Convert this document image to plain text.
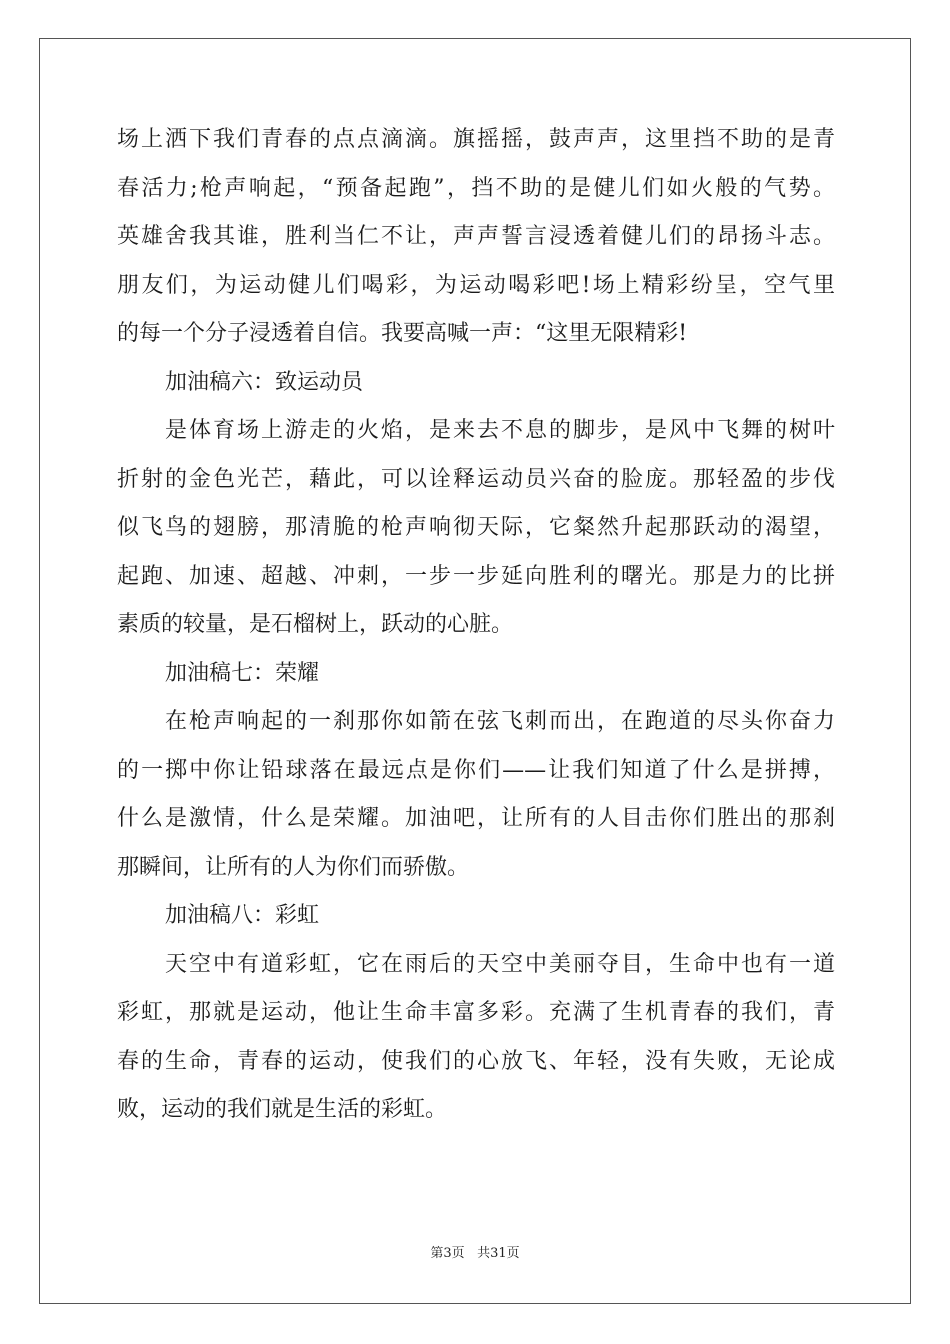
场上洒下我们青春的点点滴滴。旗摇摇，鼓声声，这里挡不助的是青
春活力;枪声响起，“预备起跑”，挡不助的是健儿们如火般的气势。
英雄舍我其谁，胜利当仁不让，声声誓言浸透着健儿们的昂扬斗志。
朋友们，为运动健儿们喝彩，为运动喝彩吧!场上精彩纷呈，空气里
的每一个分子浸透着自信。我要高喊一声：“这里无限精彩!
加油稿六：致运动员
是体育场上游走的火焰，是来去不息的脚步，是风中飞舞的树叶
折射的金色光芒，藉此，可以诠释运动员兴奋的脸庞。那轻盈的步伐
似飞鸟的翅膀，那清脆的枪声响彻天际，它粲然升起那跃动的渴望，
起跑、加速、超越、冲刺，一步一步延向胜利的曙光。那是力的比拼
素质的较量，是石榴树上，跃动的心脏。
加油稿七：荣耀
在枪声响起的一刹那你如箭在弦飞刺而出，在跑道的尽头你奋力
的一掷中你让铅球落在最远点是你们——让我们知道了什么是拼搏，
什么是激情，什么是荣耀。加油吧，让所有的人目击你们胜出的那刹
那瞬间，让所有的人为你们而骄傲。
加油稿八：彩虹
天空中有道彩虹，它在雨后的天空中美丽夺目，生命中也有一道
彩虹，那就是运动，他让生命丰富多彩。充满了生机青春的我们，青
春的生命，青春的运动，使我们的心放飞、年轻，没有失败，无论成
败，运动的我们就是生活的彩虹。
第3页 共31页
